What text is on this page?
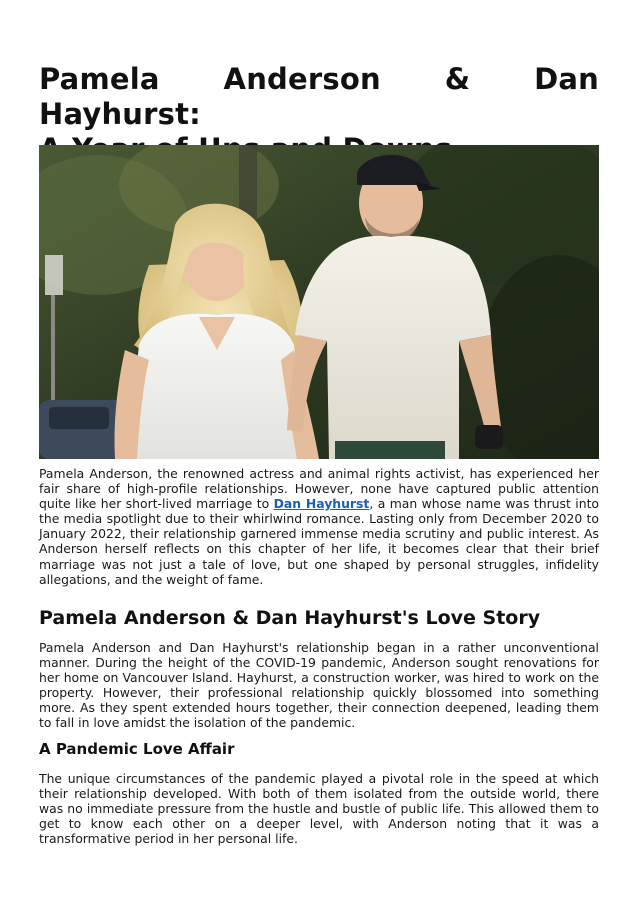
Pamela Anderson & Dan Hayhurst:

Pamela Anderson, the renowned actress and animal rights activist, has experienced her fair share of high-profile relationships. However, none have captured public attention quite like her short-lived marriage to Dan Hayhurst, a man whose name was thrust into the media spotlight due to their whirlwind romance. Lasting only from December 2020 to January 2022, their relationship garnered immense media scrutiny and public interest. As Anderson herself reflects on this chapter of her life, it becomes clear that their brief marriage was not just a tale of love, but one shaped by personal struggles, infidelity allegations, and the weight of fame.

Pamela Anderson & Dan Hayhurst's Love Story

Pamela Anderson and Dan Hayhurst's relationship began in a rather unconventional manner. During the height of the COVID-19 pandemic, Anderson sought renovations for her home on Vancouver Island. Hayhurst, a construction worker, was hired to work on the property. However, their professional relationship quickly blossomed into something more. As they spent extended hours together, their connection deepened, leading them to fall in love amidst the isolation of the pandemic.

A Pandemic Love Affair

The unique circumstances of the pandemic played a pivotal role in the speed at which their relationship developed. With both of them isolated from the outside world, there was no immediate pressure from the hustle and bustle of public life. This allowed them to get to know each other on a deeper level, with Anderson noting that it was a transformative period in her personal life.
